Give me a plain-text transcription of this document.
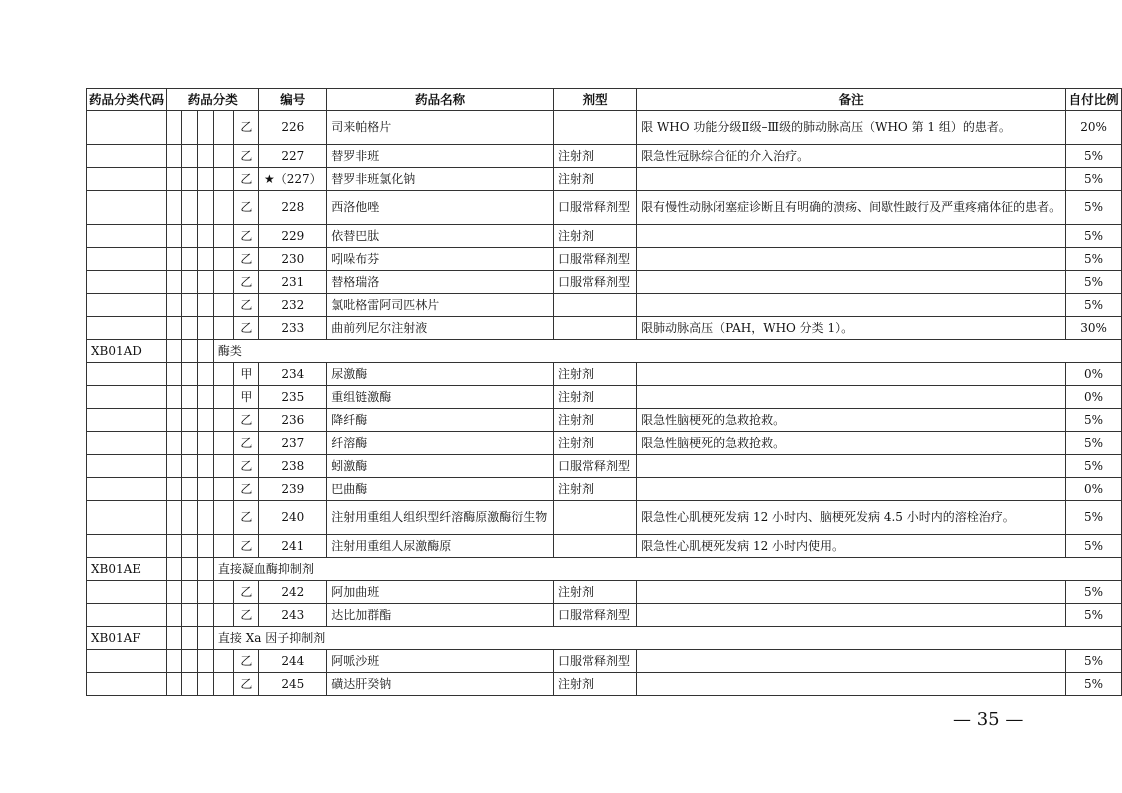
药品分类代码	药品分类					编号	药品名称	剂型	备注	自付比例
					乙	226	司来帕格片		限 WHO 功能分级Ⅱ级–Ⅲ级的肺动脉高压（WHO 第 1 组）的患者。	20%
					乙	227	替罗非班	注射剂	限急性冠脉综合征的介入治疗。	5%
					乙	★（227）	替罗非班氯化钠	注射剂		5%
					乙	228	西洛他唑	口服常释剂型	限有慢性动脉闭塞症诊断且有明确的溃疡、间歇性跛行及严重疼痛体征的患者。	5%
					乙	229	依替巴肽	注射剂		5%
					乙	230	吲哚布芬	口服常释剂型		5%
					乙	231	替格瑞洛	口服常释剂型		5%
					乙	232	氯吡格雷阿司匹林片			5%
					乙	233	曲前列尼尔注射液		限肺动脉高压（PAH，WHO 分类 1）。	30%
XB01AD				酶类						
					甲	234	尿激酶	注射剂		0%
					甲	235	重组链激酶	注射剂		0%
					乙	236	降纤酶	注射剂	限急性脑梗死的急救抢救。	5%
					乙	237	纤溶酶	注射剂	限急性脑梗死的急救抢救。	5%
					乙	238	蚓激酶	口服常释剂型		5%
					乙	239	巴曲酶	注射剂		0%
					乙	240	注射用重组人组织型纤溶酶原激酶衍生物		限急性心肌梗死发病 12 小时内、脑梗死发病 4.5 小时内的溶栓治疗。	5%
					乙	241	注射用重组人尿激酶原		限急性心肌梗死发病 12 小时内使用。	5%
XB01AE				直接凝血酶抑制剂						
					乙	242	阿加曲班	注射剂		5%
					乙	243	达比加群酯	口服常释剂型		5%
XB01AF				直接 Xa 因子抑制剂						
					乙	244	阿哌沙班	口服常释剂型		5%
					乙	245	磺达肝癸钠	注射剂		5%
— 35 —
